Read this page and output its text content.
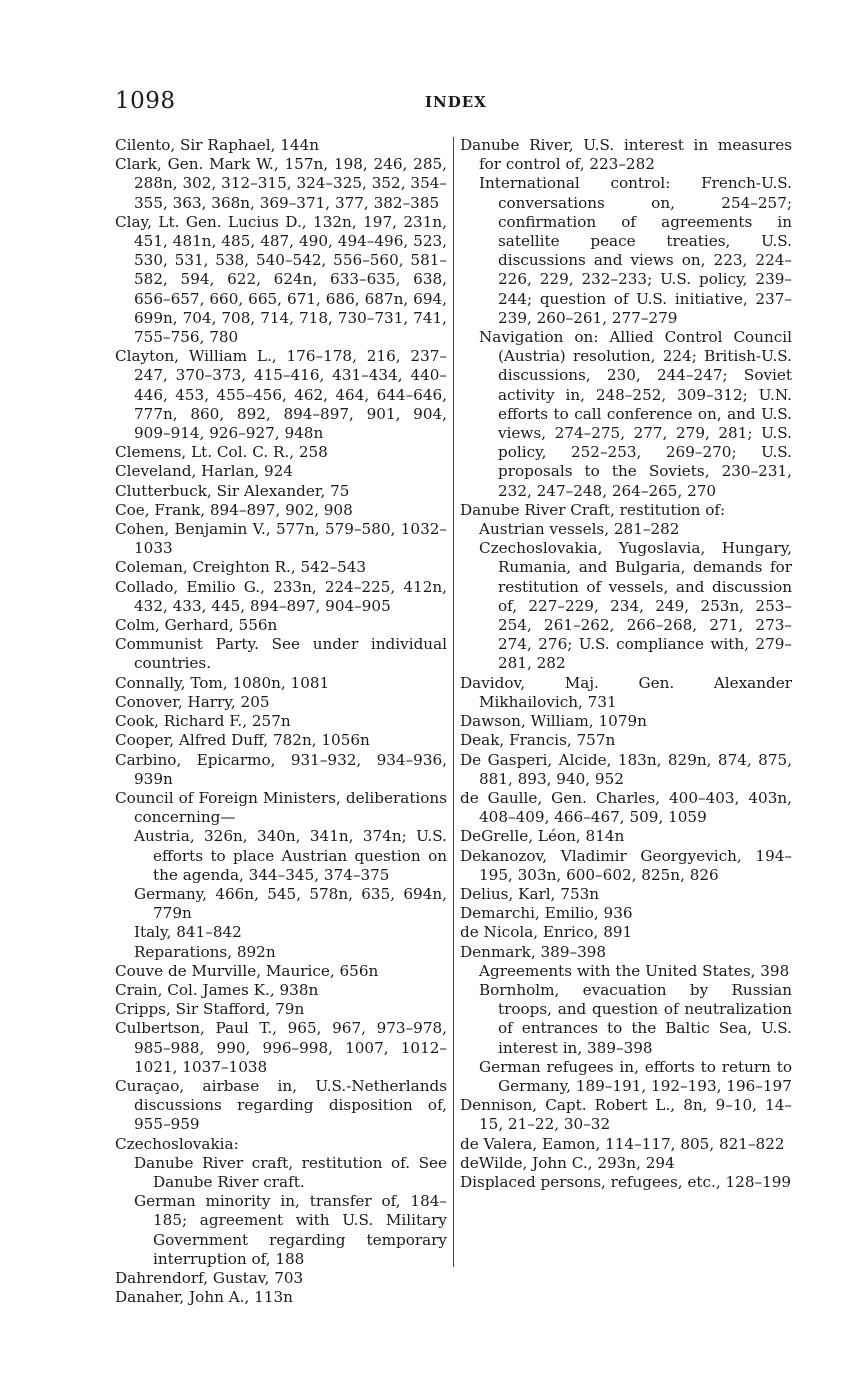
1098	INDEX

Cilento, Sir Raphael, 144n

Clark, Gen. Mark W., 157n, 198, 246, 285, 288n, 302, 312–315, 324–325, 352, 354–355, 363, 368n, 369–371, 377, 382–385

Clay, Lt. Gen. Lucius D., 132n, 197, 231n, 451, 481n, 485, 487, 490, 494–496, 523, 530, 531, 538, 540–542, 556–560, 581–582, 594, 622, 624n, 633–635, 638, 656–657, 660, 665, 671, 686, 687n, 694, 699n, 704, 708, 714, 718, 730–731, 741, 755–756, 780

Clayton, William L., 176–178, 216, 237–247, 370–373, 415–416, 431–434, 440–446, 453, 455–456, 462, 464, 644–646, 777n, 860, 892, 894–897, 901, 904, 909–914, 926–927, 948n

Clemens, Lt. Col. C. R., 258

Cleveland, Harlan, 924

Clutterbuck, Sir Alexander, 75

Coe, Frank, 894–897, 902, 908

Cohen, Benjamin V., 577n, 579–580, 1032–1033

Coleman, Creighton R., 542–543

Collado, Emilio G., 233n, 224–225, 412n, 432, 433, 445, 894–897, 904–905

Colm, Gerhard, 556n

Communist Party. See under individual countries.

Connally, Tom, 1080n, 1081

Conover, Harry, 205

Cook, Richard F., 257n

Cooper, Alfred Duff, 782n, 1056n

Carbino, Epicarmo, 931–932, 934–936, 939n

Council of Foreign Ministers, deliberations concerning—

Austria, 326n, 340n, 341n, 374n; U.S. efforts to place Austrian question on the agenda, 344–345, 374–375

Germany, 466n, 545, 578n, 635, 694n, 779n

Italy, 841–842

Reparations, 892n

Couve de Murville, Maurice, 656n

Crain, Col. James K., 938n

Cripps, Sir Stafford, 79n

Culbertson, Paul T., 965, 967, 973–978, 985–988, 990, 996–998, 1007, 1012–1021, 1037–1038

Curaçao, airbase in, U.S.-Netherlands discussions regarding disposition of, 955–959

Czechoslovakia:

Danube River craft, restitution of. See Danube River craft.

German minority in, transfer of, 184–185; agreement with U.S. Military Government regarding temporary interruption of, 188

Dahrendorf, Gustav, 703

Danaher, John A., 113n

Danube River, U.S. interest in measures for control of, 223–282

International control: French-U.S. conversations on, 254–257; confirmation of agreements in satellite peace treaties, U.S. discussions and views on, 223, 224–226, 229, 232–233; U.S. policy, 239–244; question of U.S. initiative, 237–239, 260–261, 277–279

Navigation on: Allied Control Council (Austria) resolution, 224; British-U.S. discussions, 230, 244–247; Soviet activity in, 248–252, 309–312; U.N. efforts to call conference on, and U.S. views, 274–275, 277, 279, 281; U.S. policy, 252–253, 269–270; U.S. proposals to the Soviets, 230–231, 232, 247–248, 264–265, 270

Danube River Craft, restitution of:

Austrian vessels, 281–282

Czechoslovakia, Yugoslavia, Hungary, Rumania, and Bulgaria, demands for restitution of vessels, and discussion of, 227–229, 234, 249, 253n, 253–254, 261–262, 266–268, 271, 273–274, 276; U.S. compliance with, 279–281, 282

Davidov, Maj. Gen. Alexander Mikhailovich, 731

Dawson, William, 1079n

Deak, Francis, 757n

De Gasperi, Alcide, 183n, 829n, 874, 875, 881, 893, 940, 952

de Gaulle, Gen. Charles, 400–403, 403n, 408–409, 466–467, 509, 1059

DeGrelle, Léon, 814n

Dekanozov, Vladimir Georgyevich, 194–195, 303n, 600–602, 825n, 826

Delius, Karl, 753n

Demarchi, Emilio, 936

de Nicola, Enrico, 891

Denmark, 389–398

Agreements with the United States, 398

Bornholm, evacuation by Russian troops, and question of neutralization of entrances to the Baltic Sea, U.S. interest in, 389–398

German refugees in, efforts to return to Germany, 189–191, 192–193, 196–197

Dennison, Capt. Robert L., 8n, 9–10, 14–15, 21–22, 30–32

de Valera, Eamon, 114–117, 805, 821–822

deWilde, John C., 293n, 294

Displaced persons, refugees, etc., 128–199
